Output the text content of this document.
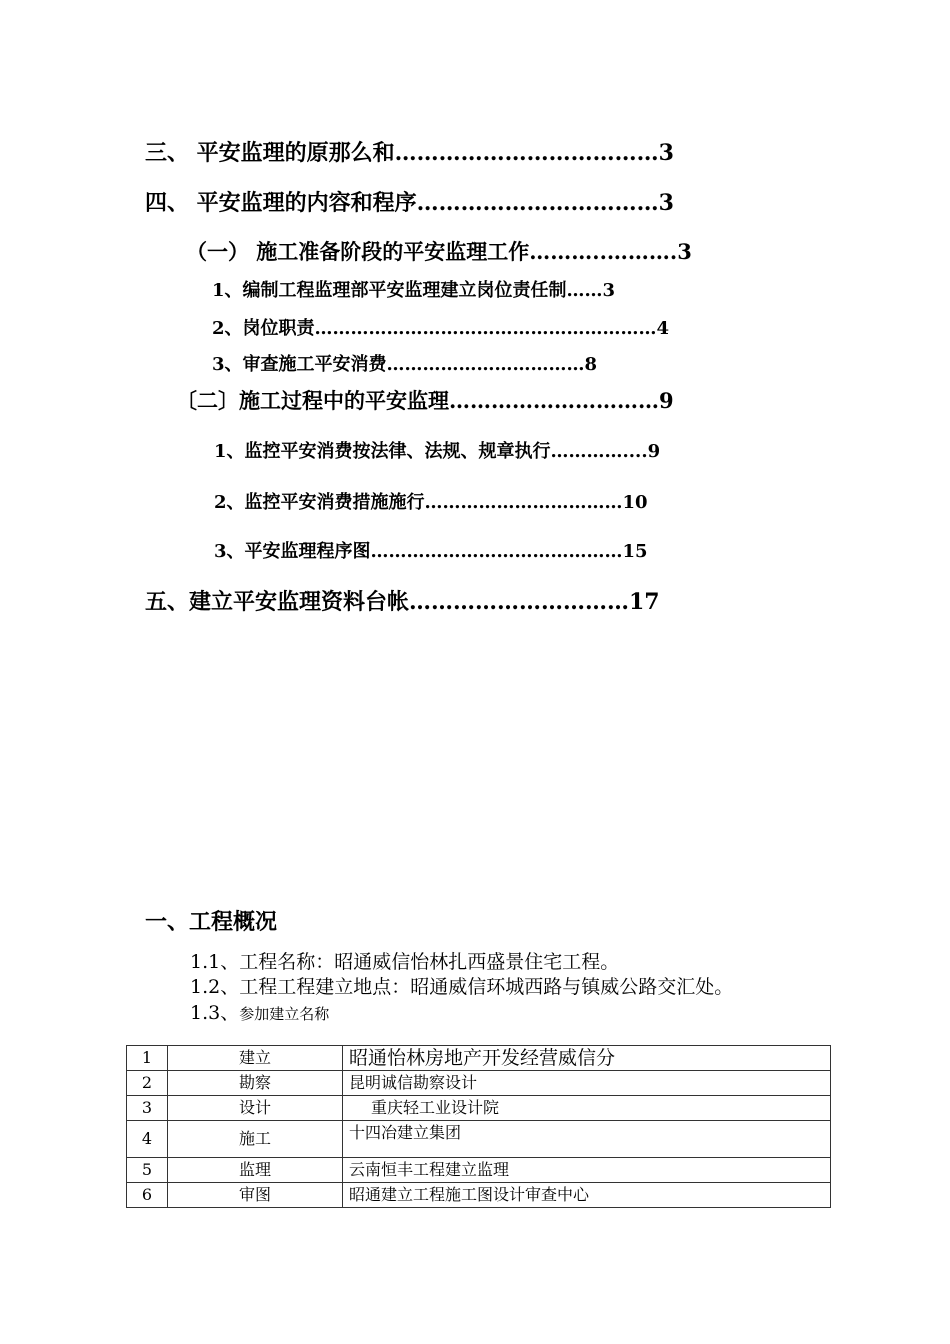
三、 平安监理的原那么和………………………………3
四、 平安监理的内容和程序……………………………3
（一） 施工准备阶段的平安监理工作………..……….3
1、编制工程监理部平安监理建立岗位责任制……3
2、岗位职责…………………………………………………4
3、审查施工平安消费……………………………8
〔二〕施工过程中的平安监理…………………………9
1、监控平安消费按法律、法规、规章执行…………....9
2、监控平安消费措施施行……………………………10
3、平安监理程序图……………………………………15
五、建立平安监理资料台帐…………………………17
一、工程概况
1.1、工程名称：昭通威信怡林扎西盛景住宅工程。
1.2、工程工程建立地点：昭通威信环城西路与镇威公路交汇处。
1.3、参加建立名称
1	建立	昭通怡林房地产开发经营威信分
2	勘察	昆明诚信勘察设计
3	设计	重庆轻工业设计院
4	施工	十四冶建立集团
5	监理	云南恒丰工程建立监理
6	审图	昭通建立工程施工图设计审查中心
